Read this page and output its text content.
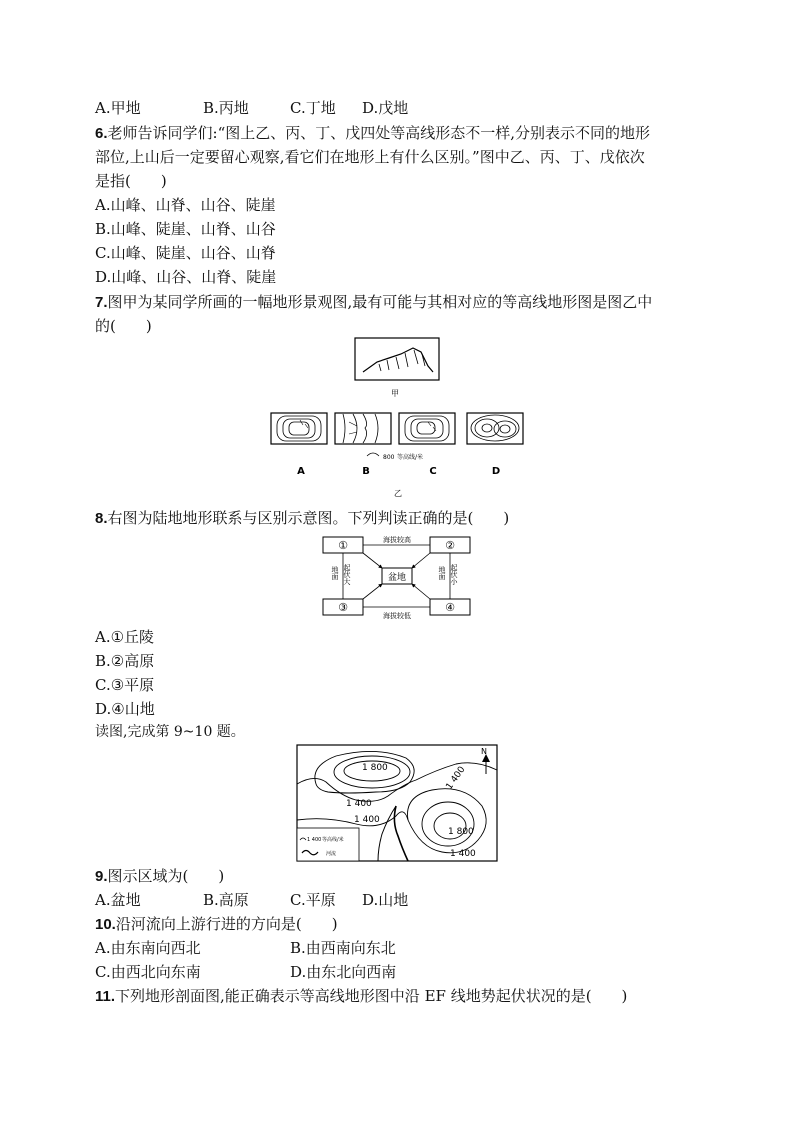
A.甲地	B.丙地	C.丁地 D.戊地
6.老师告诉同学们:“图上乙、丙、丁、戊四处等高线形态不一样,分别表示不同的地形
部位,上山后一定要留心观察,看它们在地形上有什么区别。”图中乙、丙、丁、戊依次
是指(　　)
A.山峰、山脊、山谷、陡崖
B.山峰、陡崖、山脊、山谷
C.山峰、陡崖、山谷、山脊
D.山峰、山谷、山脊、陡崖
7.图甲为某同学所画的一幅地形景观图,最有可能与其相对应的等高线地形图是图乙中
的(　　)
甲
800 等高线/米
A	B	C	D
乙
8.右图为陆地地形联系与区别示意图。下列判读正确的是(　　)
①	②
③	④
盆地
海拔较高
海拔较低
地面 起伏大	地面 起伏小
A.①丘陵
B.②高原
C.③平原
D.④山地
读图,完成第 9~10 题。
1 800	1 400
1 400
1 400
1 800
1 400
N
1 400 等高线/米
河流
9.图示区域为(　　)
A.盆地	B.高原	C.平原 D.山地
10.沿河流向上游行进的方向是(　　)
A.由东南向西北	B.由西南向东北
C.由西北向东南	D.由东北向西南
11.下列地形剖面图,能正确表示等高线地形图中沿 EF 线地势起伏状况的是(　　)
